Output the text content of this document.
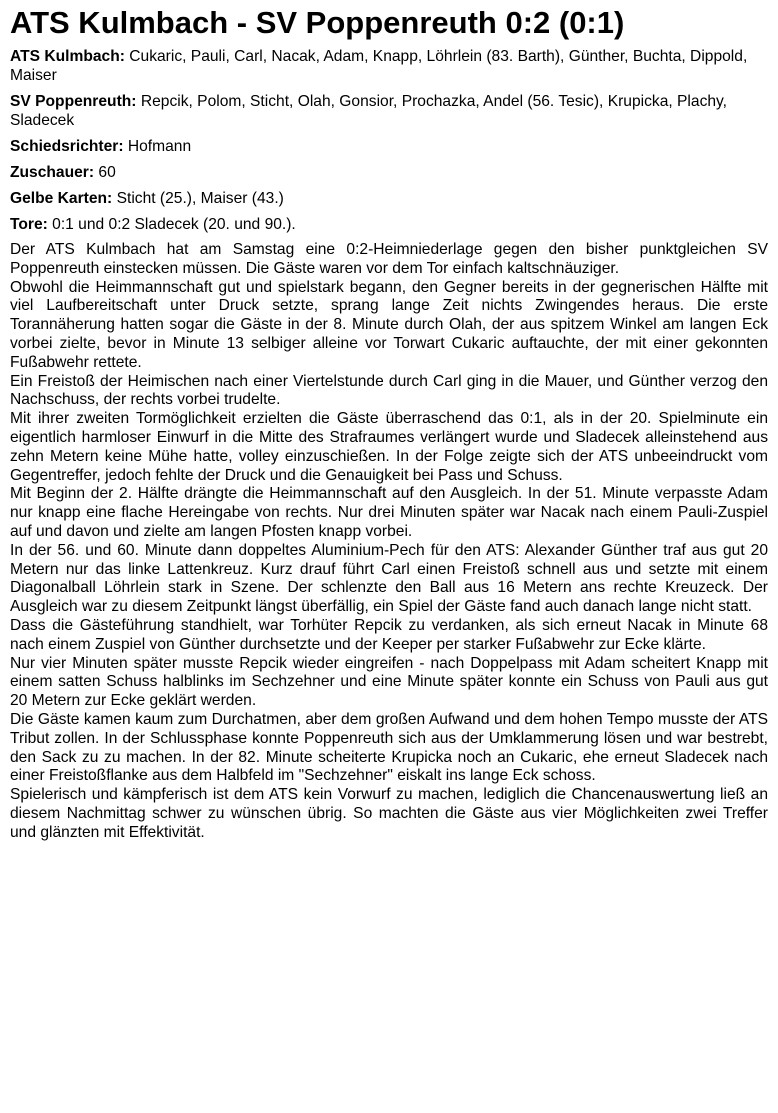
ATS Kulmbach - SV Poppenreuth 0:2 (0:1)
ATS Kulmbach: Cukaric, Pauli, Carl, Nacak, Adam, Knapp, Löhrlein (83. Barth), Günther, Buchta, Dippold, Maiser
SV Poppenreuth: Repcik, Polom, Sticht, Olah, Gonsior, Prochazka, Andel (56. Tesic), Krupicka, Plachy, Sladecek
Schiedsrichter: Hofmann
Zuschauer: 60
Gelbe Karten: Sticht (25.), Maiser (43.)
Tore: 0:1 und 0:2 Sladecek (20. und 90.).

Der ATS Kulmbach hat am Samstag eine 0:2-Heimniederlage gegen den bisher punktgleichen SV Poppenreuth einstecken müssen. Die Gäste waren vor dem Tor einfach kaltschnäuziger.

Obwohl die Heimmannschaft gut und spielstark begann, den Gegner bereits in der gegnerischen Hälfte mit viel Laufbereitschaft unter Druck setzte, sprang lange Zeit nichts Zwingendes heraus. Die erste Torannäherung hatten sogar die Gäste in der 8. Minute durch Olah, der aus spitzem Winkel am langen Eck vorbei zielte, bevor in Minute 13 selbiger alleine vor Torwart Cukaric auftauchte, der mit einer gekonnten Fußabwehr rettete.

Ein Freistoß der Heimischen nach einer Viertelstunde durch Carl ging in die Mauer, und Günther verzog den Nachschuss, der rechts vorbei trudelte.

Mit ihrer zweiten Tormöglichkeit erzielten die Gäste überraschend das 0:1, als in der 20. Spielminute ein eigentlich harmloser Einwurf in die Mitte des Strafraumes verlängert wurde und Sladecek alleinstehend aus zehn Metern keine Mühe hatte, volley einzuschießen. In der Folge zeigte sich der ATS unbeeindruckt vom Gegentreffer, jedoch fehlte der Druck und die Genauigkeit bei Pass und Schuss.

Mit Beginn der 2. Hälfte drängte die Heimmannschaft auf den Ausgleich. In der 51. Minute verpasste Adam nur knapp eine flache Hereingabe von rechts. Nur drei Minuten später war Nacak nach einem Pauli-Zuspiel auf und davon und zielte am langen Pfosten knapp vorbei.

In der 56. und 60. Minute dann doppeltes Aluminium-Pech für den ATS: Alexander Günther traf aus gut 20 Metern nur das linke Lattenkreuz. Kurz drauf führt Carl einen Freistoß schnell aus und setzte mit einem Diagonalball Löhrlein stark in Szene. Der schlenzte den Ball aus 16 Metern ans rechte Kreuzeck. Der Ausgleich war zu diesem Zeitpunkt längst überfällig, ein Spiel der Gäste fand auch danach lange nicht statt.

Dass die Gästeführung standhielt, war Torhüter Repcik zu verdanken, als sich erneut Nacak in Minute 68 nach einem Zuspiel von Günther durchsetzte und der Keeper per starker Fußabwehr zur Ecke klärte.

Nur vier Minuten später musste Repcik wieder eingreifen - nach Doppelpass mit Adam scheitert Knapp mit einem satten Schuss halblinks im Sechzehner und eine Minute später konnte ein Schuss von Pauli aus gut 20 Metern zur Ecke geklärt werden.

Die Gäste kamen kaum zum Durchatmen, aber dem großen Aufwand und dem hohen Tempo musste der ATS Tribut zollen. In der Schlussphase konnte Poppenreuth sich aus der Umklammerung lösen und war bestrebt, den Sack zu zu machen. In der 82. Minute scheiterte Krupicka noch an Cukaric, ehe erneut Sladecek nach einer Freistoßflanke aus dem Halbfeld im "Sechzehner" eiskalt ins lange Eck schoss.

Spielerisch und kämpferisch ist dem ATS kein Vorwurf zu machen, lediglich die Chancenauswertung ließ an diesem Nachmittag schwer zu wünschen übrig. So machten die Gäste aus vier Möglichkeiten zwei Treffer und glänzten mit Effektivität.
